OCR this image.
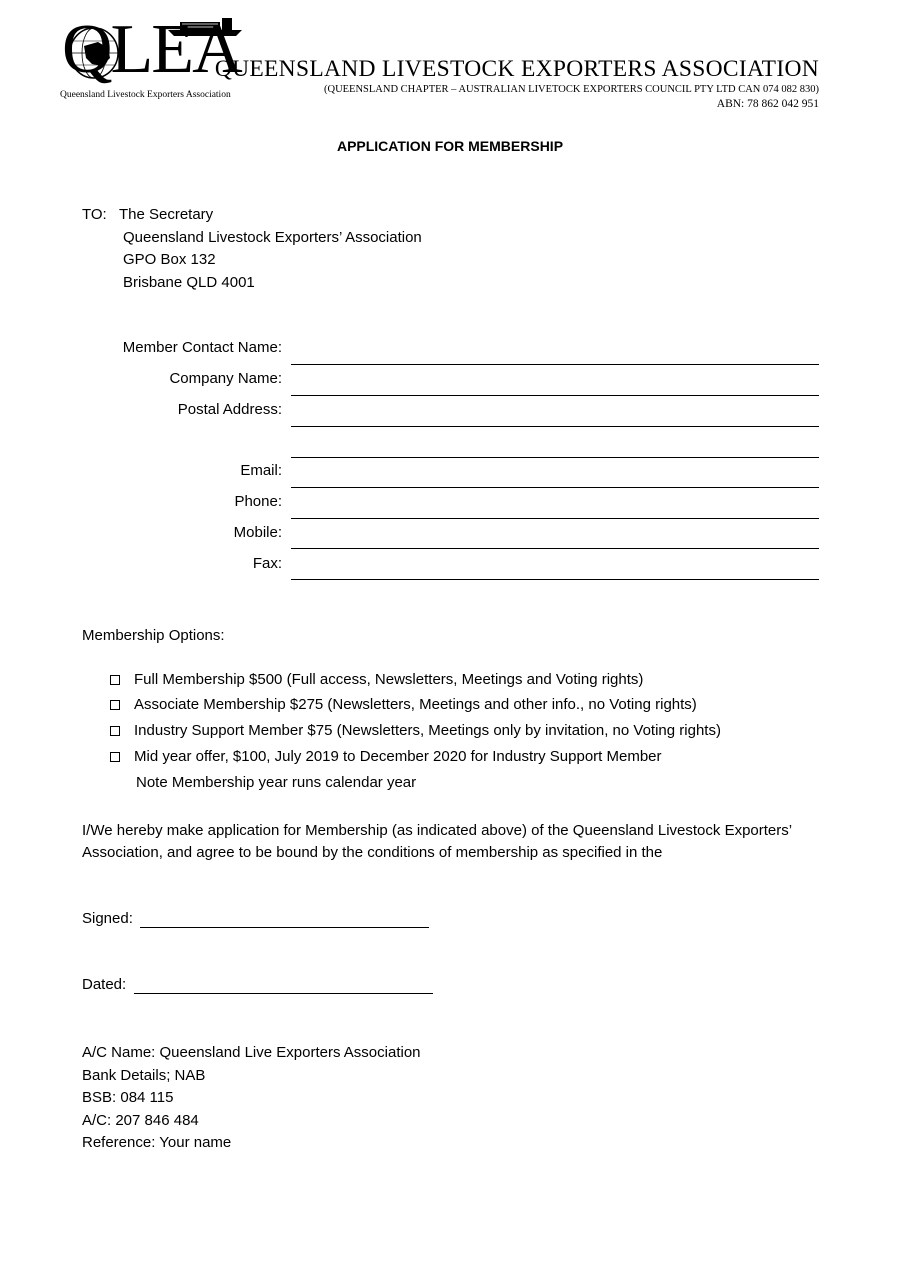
QLEA
Queensland Livestock Exporters Association
QUEENSLAND LIVESTOCK EXPORTERS ASSOCIATION
(QUEENSLAND CHAPTER – AUSTRALIAN LIVETOCK EXPORTERS COUNCIL PTY LTD CAN 074 082 830)
ABN: 78 862 042 951
APPLICATION FOR MEMBERSHIP
TO:   The Secretary
Queensland Livestock Exporters’ Association
GPO Box 132
Brisbane QLD 4001
Member Contact Name:
Company Name:
Postal Address:
Email:
Phone:
Mobile:
Fax:
Membership Options:
Full Membership $500 (Full access, Newsletters, Meetings and Voting rights)
Associate Membership $275 (Newsletters, Meetings and other info., no Voting rights)
Industry Support Member $75 (Newsletters, Meetings only by invitation, no Voting rights)
Mid year offer, $100, July 2019 to December 2020 for Industry Support Member
Note Membership year runs calendar year
I/We hereby make application for Membership (as indicated above) of the Queensland Livestock Exporters’ Association, and agree to be bound by the conditions of membership as specified in the
Signed:
Dated:
A/C Name: Queensland Live Exporters Association
Bank Details; NAB
BSB: 084 115
A/C: 207 846 484
Reference: Your name
